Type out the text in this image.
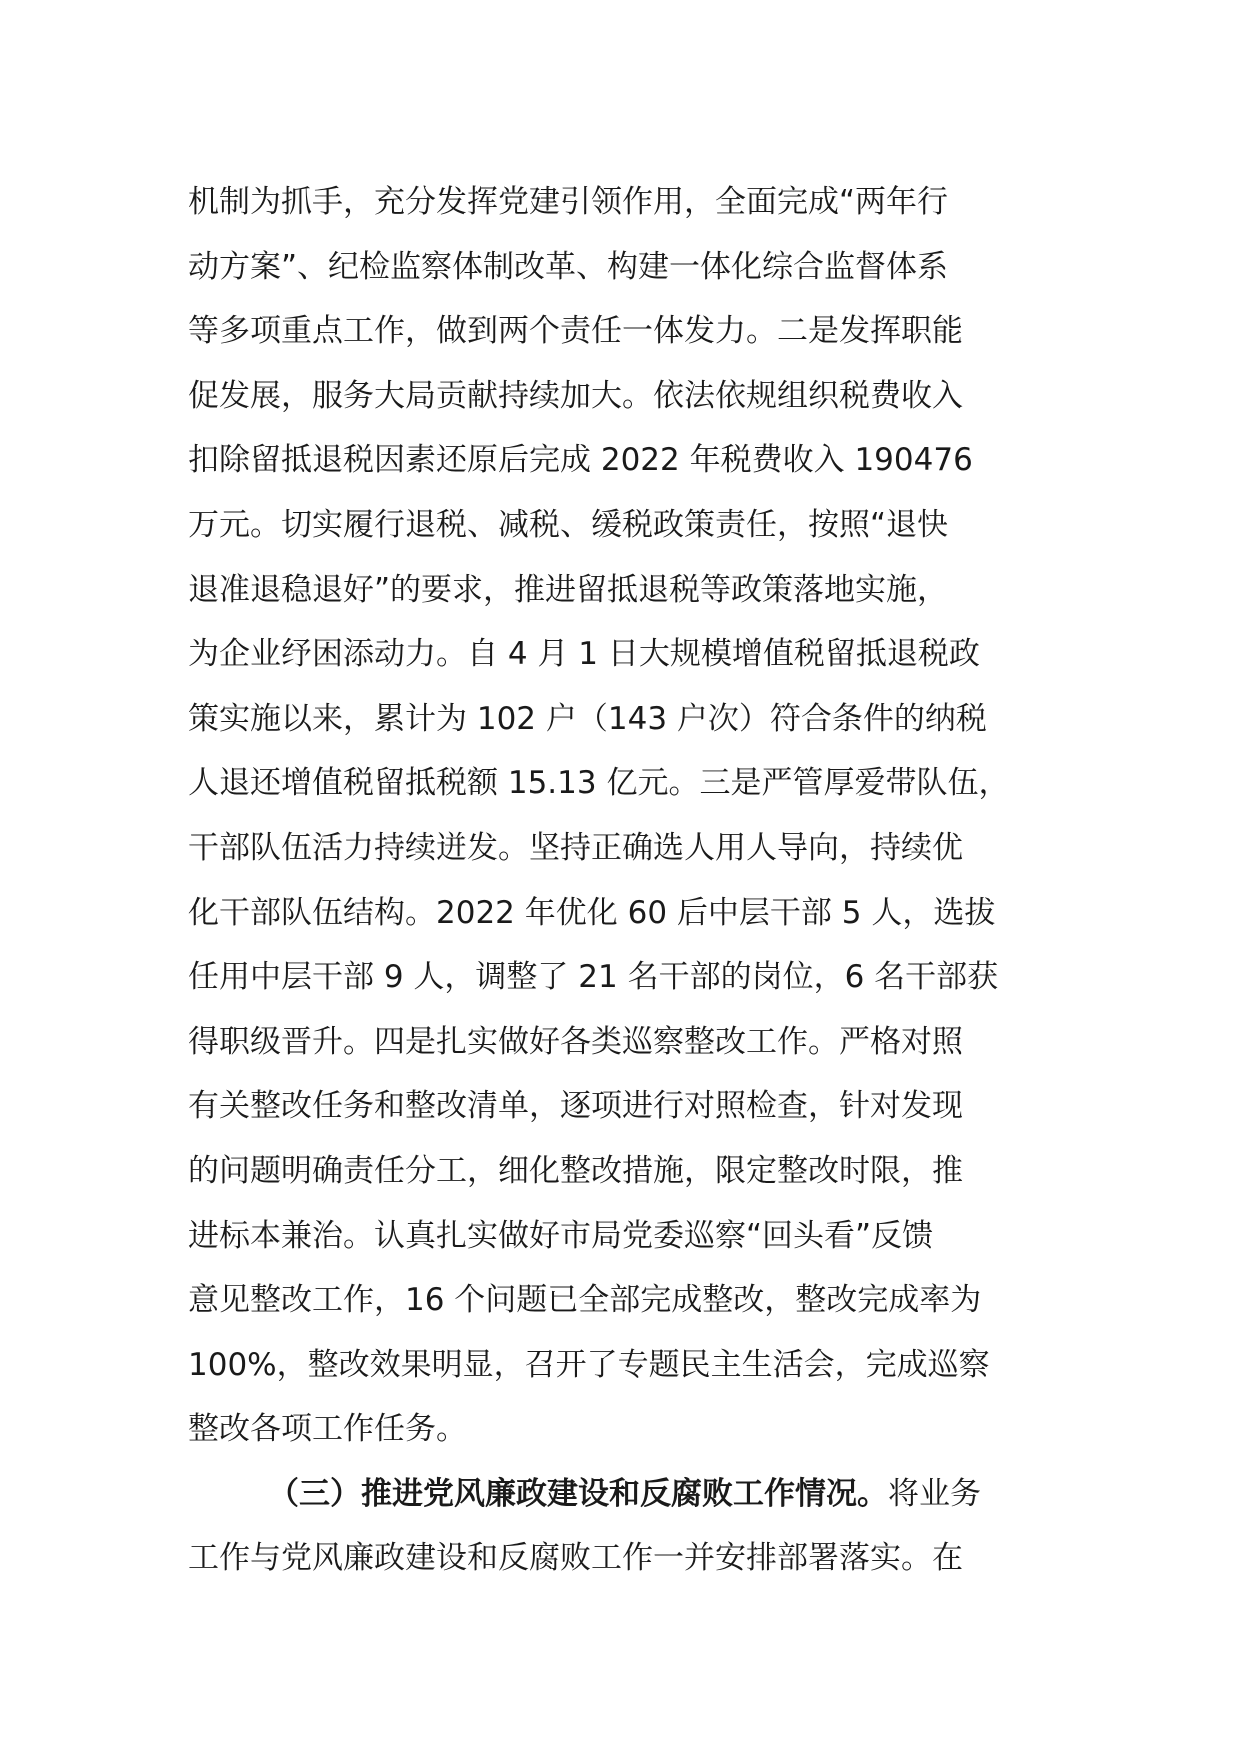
机制为抓手，充分发挥党建引领作用，全面完成“两年行
动方案”、纪检监察体制改革、构建一体化综合监督体系
等多项重点工作，做到两个责任一体发力。二是发挥职能
促发展，服务大局贡献持续加大。依法依规组织税费收入
扣除留抵退税因素还原后完成 2022 年税费收入 190476
万元。切实履行退税、减税、缓税政策责任，按照“退快
退准退稳退好”的要求，推进留抵退税等政策落地实施，
为企业纾困添动力。自 4 月 1 日大规模增值税留抵退税政
策实施以来，累计为 102 户（143 户次）符合条件的纳税
人退还增值税留抵税额 15.13 亿元。三是严管厚爱带队伍，
干部队伍活力持续迸发。坚持正确选人用人导向，持续优
化干部队伍结构。2022 年优化 60 后中层干部 5 人，选拔
任用中层干部 9 人，调整了 21 名干部的岗位，6 名干部获
得职级晋升。四是扎实做好各类巡察整改工作。严格对照
有关整改任务和整改清单，逐项进行对照检查，针对发现
的问题明确责任分工，细化整改措施，限定整改时限，推
进标本兼治。认真扎实做好市局党委巡察“回头看”反馈
意见整改工作，16 个问题已全部完成整改，整改完成率为
100%，整改效果明显，召开了专题民主生活会，完成巡察
整改各项工作任务。
（三）推进党风廉政建设和反腐败工作情况。将业务
工作与党风廉政建设和反腐败工作一并安排部署落实。在
